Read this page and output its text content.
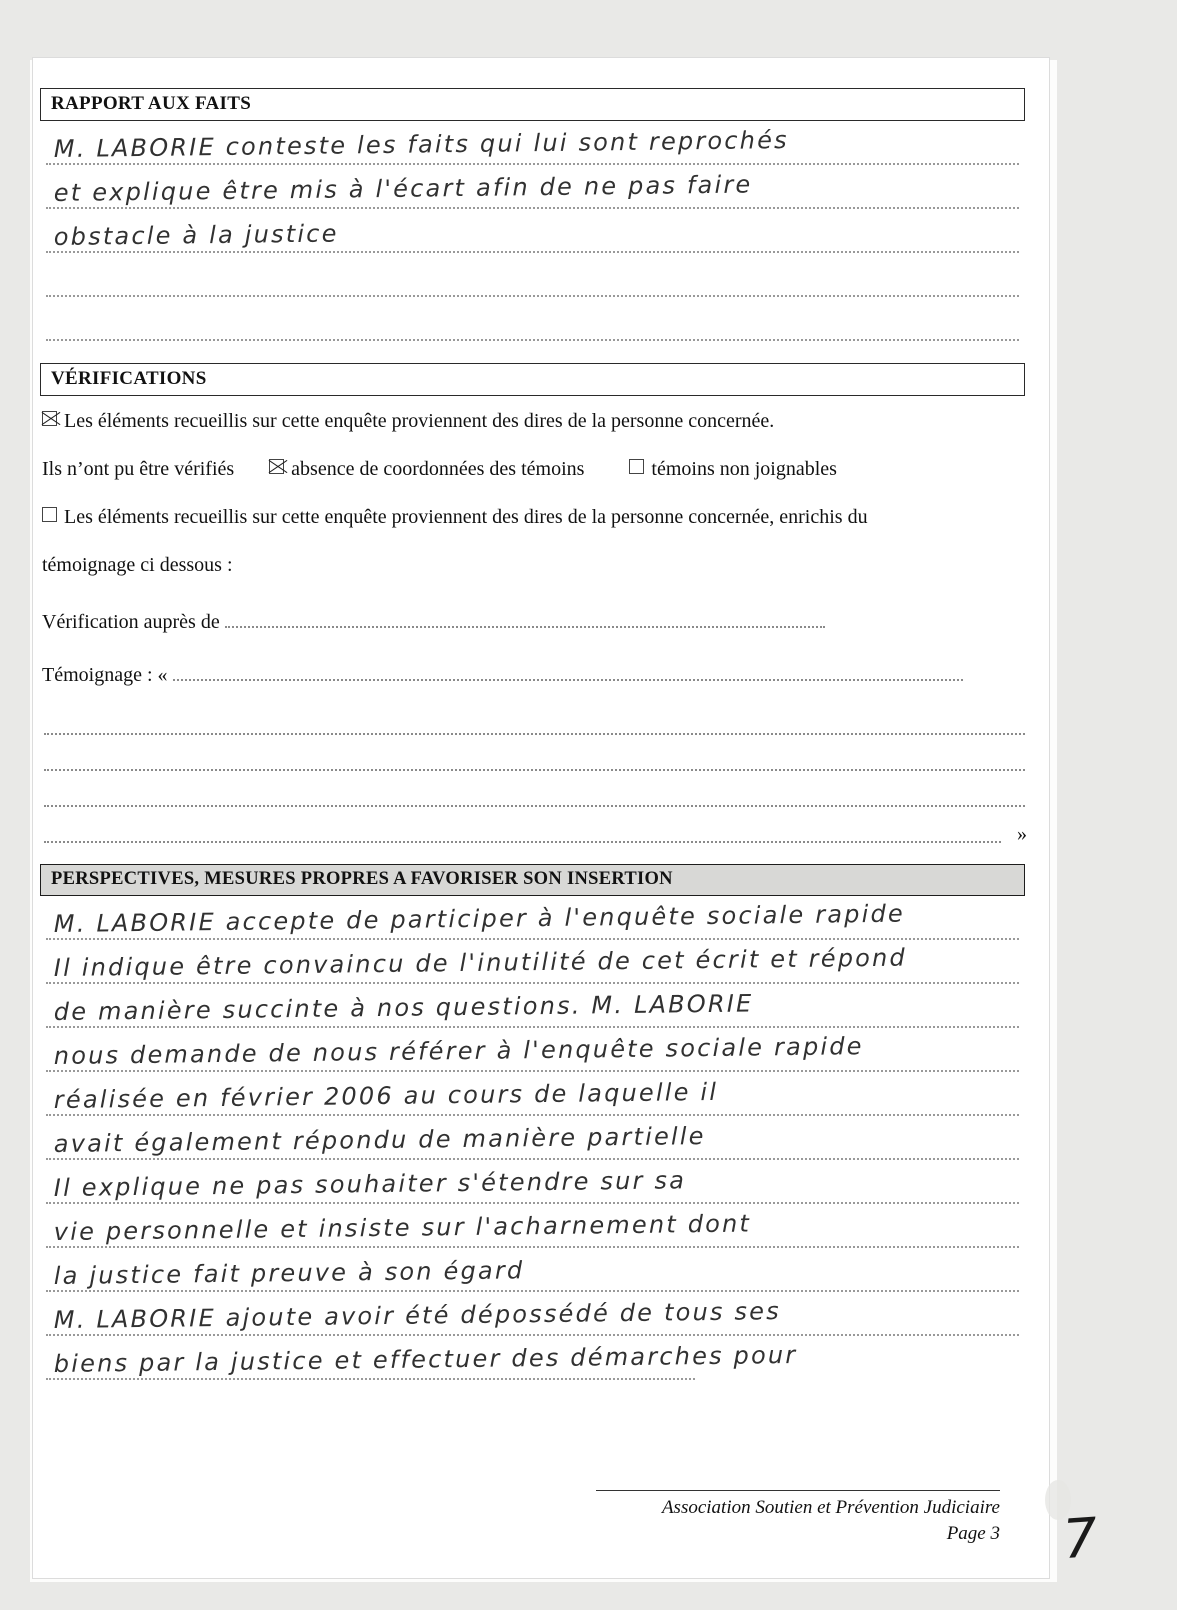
RAPPORT AUX FAITS
M. LABORIE conteste les faits qui lui sont reprochés
et explique être mis à l'écart afin de ne pas faire
obstacle à la justice
VÉRIFICATIONS
Les éléments recueillis sur cette enquête proviennent des dires de la personne concernée.
Ils n’ont pu être vérifiés	absence de coordonnées des témoins	témoins non joignables
Les éléments recueillis sur cette enquête proviennent des dires de la personne concernée, enrichis du
témoignage ci dessous :
Vérification auprès de
Témoignage : «
»
PERSPECTIVES, MESURES PROPRES A FAVORISER SON INSERTION
M. LABORIE accepte de participer à l'enquête sociale rapide
Il indique être convaincu de l'inutilité de cet écrit et répond
de manière succinte à nos questions. M. LABORIE
nous demande de nous référer à l'enquête sociale rapide
réalisée en février 2006 au cours de laquelle il
avait également répondu de manière partielle
Il explique ne pas souhaiter s'étendre sur sa
vie personnelle et insiste sur l'acharnement dont
la justice fait preuve à son égard
M. LABORIE ajoute avoir été dépossédé de tous ses
biens par la justice et effectuer des démarches pour
Association Soutien et Prévention Judiciaire
Page 3 7
